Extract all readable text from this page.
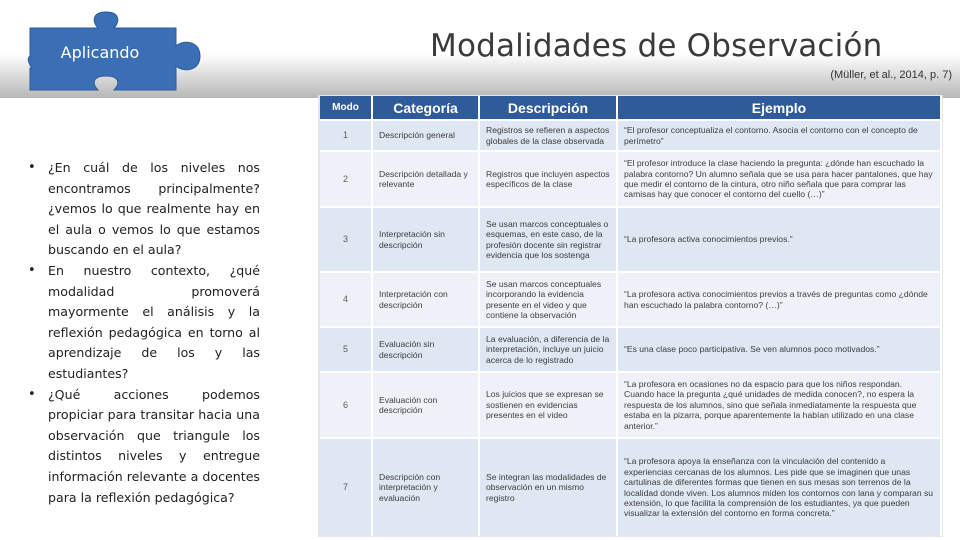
Aplicando	Modalidades de Observación
(Müller, et al., 2014, p. 7)
• ¿En cuál de los niveles nos encontramos principalmente? ¿vemos lo que realmente hay en el aula o vemos lo que estamos buscando en el aula?
• En nuestro contexto, ¿qué modalidad promoverá mayormente el análisis y la reflexión pedagógica en torno al aprendizaje de los y las estudiantes?
• ¿Qué acciones podemos propiciar para transitar hacia una observación que triangule los distintos niveles y entregue información relevante a docentes para la reflexión pedagógica?
Modo	Categoría	Descripción	Ejemplo
1	Descripción general	Registros se refieren a aspectos globales de la clase observada	“El profesor conceptualiza el contorno. Asocia el contorno con el concepto de perímetro”
2	Descripción detallada y relevante	Registros que incluyen aspectos específicos de la clase	“El profesor introduce la clase haciendo la pregunta: ¿dónde han escuchado la palabra contorno? Un alumno señala que se usa para hacer pantalones, que hay que medir el contorno de la cintura, otro niño señala que para comprar las camisas hay que conocer el contorno del cuello (…)”
3	Interpretación sin descripción	Se usan marcos conceptuales o esquemas, en este caso, de la profesión docente sin registrar evidencia que los sostenga	“La profesora activa conocimientos previos.”
4	Interpretación con descripción	Se usan marcos conceptuales incorporando la evidencia presente en el video y que contiene la observación	“La profesora activa conocimientos previos a través de preguntas como ¿dónde han escuchado la palabra contorno? (…)”
5	Evaluación sin descripción	La evaluación, a diferencia de la interpretación, incluye un juicio acerca de lo registrado	“Es una clase poco participativa. Se ven alumnos poco motivados.”
6	Evaluación con descripción	Los juicios que se expresan se sostienen en evidencias presentes en el video	“La profesora en ocasiones no da espacio para que los niños respondan. Cuando hace la pregunta ¿qué unidades de medida conocen?, no espera la respuesta de los alumnos, sino que señala inmediatamente la respuesta que estaba en la pizarra, porque aparentemente la habían utilizado en una clase anterior.”
7	Descripción con interpretación y evaluación	Se integran las modalidades de observación en un mismo registro	“La profesora apoya la enseñanza con la vinculación del contenido a experiencias cercanas de los alumnos. Les pide que se imaginen que unas cartulinas de diferentes formas que tienen en sus mesas son terrenos de la localidad donde viven. Los alumnos miden los contornos con lana y comparan su extensión, lo que facilita la comprensión de los estudiantes, ya que pueden visualizar la extensión del contorno en forma concreta.”
